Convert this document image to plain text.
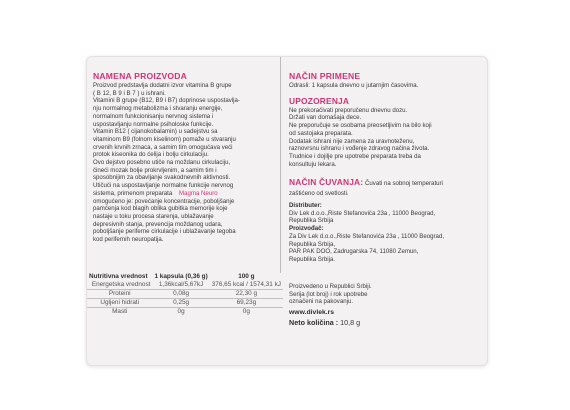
NAMENA PROIZVODA

Proizvod predstavlja dodatni izvor vitamina B grupe

( B 12, B 9 i B 7 ) u ishrani.

Vitamini B grupe (B12, B9 i B7) doprinose uspostavlja-

nju normalnog metabolizma i stvaranju energije,

normalnom funkcionisanju nervnog sistema i

uspostavljanju normalne psiholoske funkcije.

Vitamin B12 ( cijanokobalamin) u sadejstvu sa

vitaminom B9 (folnom kiselinom) pomaže u stvaranju

crvenih krvnih zrnaca, a samim tim omogućava veći

protok kiseonika do ćelija i bolju cirkulaciju.

Ovo dejstvo posebno utiče na moždanu cirkulaciju,

čineći mozak bolje prokrvljenim, a samim tim i

sposobnijim za obavljanje svakodnevnih aktivnosti.

Utičući na uspostavljanje normalne funkcije nervnog

sistema, primenom preparata    Magma Neuro

omogućeno je: povećanje koncentracije, poboljšanje

pamćenja kod blagih oblika gubitka memorije koje

nastaje u toku procesa starenja, ublažavanje

depresivnih stanja, prevencija moždanog udara,

poboljšanje periferne cirkulacije i ublažavanje tegoba

kod perifernih neuropatija.

Nutritivna vrednost	1 kapsula (0,36 g)	100 g
Energetska vrednost	1,36kcal/5,67kJ	376,65 kcal / 1574,31 kJ
Proteini	0,08g	22,30 g
Ugljeni hidrati	0,25g	69,23g
Masti	0g	0g
NAČIN PRIMENE

Odrasli: 1 kapsula dnevno u jutarnjim časovima.

UPOZORENJA

Ne prekoračivati preporučenu dnevnu dozu.

Držati van domašaja dece.

Ne preporučuje se osobama preosetljivim na bilo koji

od sastojaka preparata.

Dodatak ishrani nije zamena za uravnoteženu,

raznovrsnu ishranu i vođenje zdravog načina života.

Trudnice i dojilje pre upotrebe preparata treba da

konsultuju lekara.

NAČIN ČUVANJA: Čuvati na sobnoj temperaturi

zaštićeno od svetlosti.

Distributer:

Div Lek d.o.o.,Riste Stefanovića 23a , 11000 Beograd,

Republika Srbija

Proizvođač:

Za Div Lek d.o.o.,Riste Stefanovića 23a , 11000 Beograd,

Republika Srbija,

PAR PAK DOO, Zadrugarska 74, 11080 Zemun,

Republika Srbija.

Proizvedeno u Republici Srbiji.

Serija (lot broj) i rok upotrebe

označeni na pakovanju.

www.divlek.rs
Neto količina : 10,8 g
